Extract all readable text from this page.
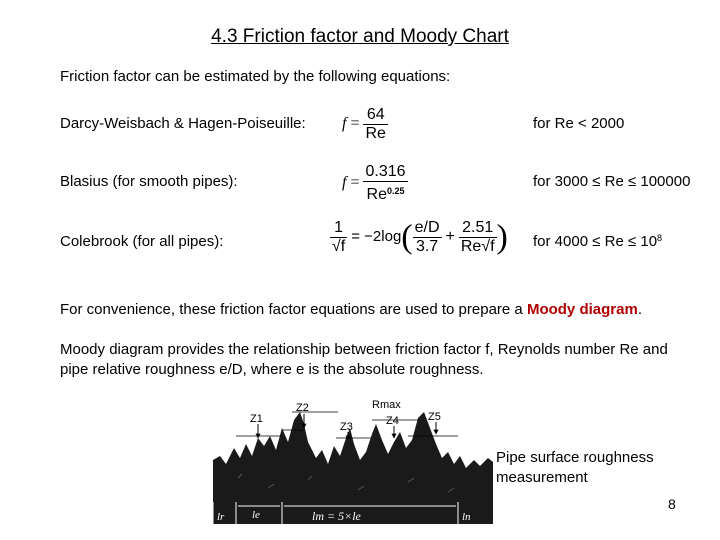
4.3 Friction factor and Moody Chart
Friction factor can be estimated by the following equations:
Darcy-Weisbach & Hagen-Poiseuille: $f = \frac{64}{Re}$	for Re < 2000
Blasius (for smooth pipes):	$f = \frac{0.316}{Re^{0.25}}$	for 3000 ≤ Re ≤ 100000
Colebrook (for all pipes):	$\frac{1}{√f} = -2\log( \frac{e/D}{3.7} + \frac{2.51}{Re√f}$ ) for $4000 \le Re \le 10^8$
For convenience, these friction factor equations are used to prepare a Moody diagram.
Moody diagram provides the relationship between friction factor f, Reynolds number Re and pipe relative roughness e/D, where e is the absolute roughness.
Rmax
Z1
Z2
Z3	Z4	Z5
lr	le	lm = 5×le	ln
Pipe surface roughness measurement
8
